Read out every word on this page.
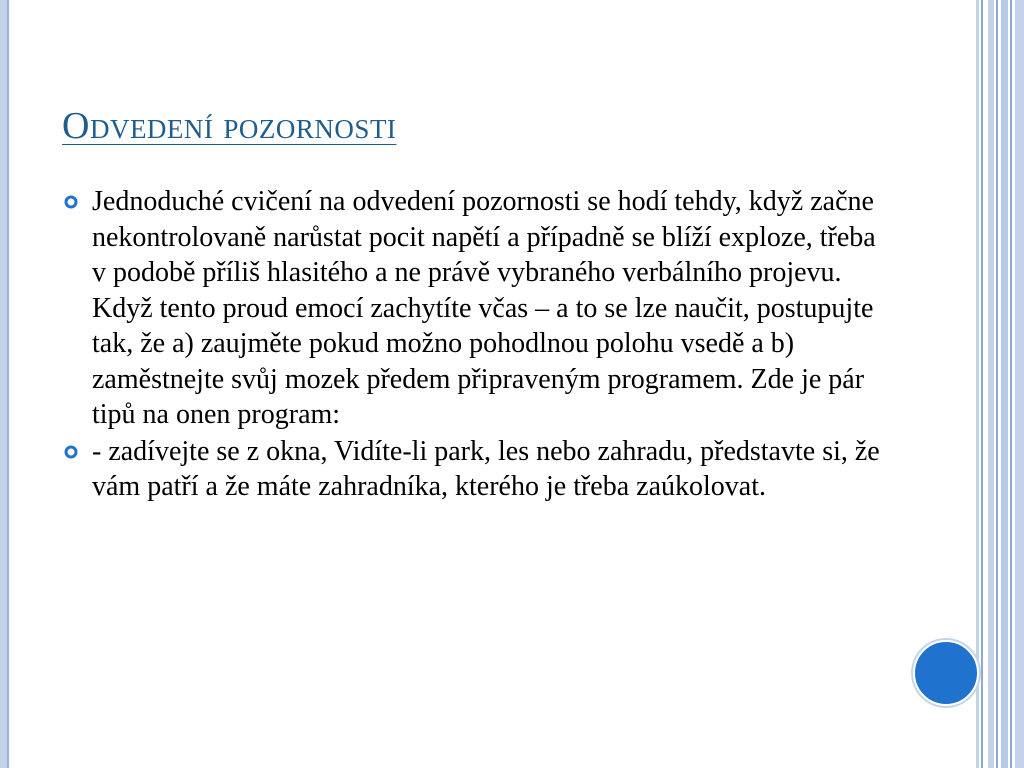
Odvedení pozornosti
Jednoduché cvičení na odvedení pozornosti se hodí tehdy, když začne nekontrolovaně narůstat pocit napětí a případně se blíží exploze, třeba v podobě příliš hlasitého a ne právě vybraného verbálního projevu. Když tento proud emocí zachytíte včas – a to se lze naučit, postupujte tak, že a) zaujměte pokud možno pohodlnou polohu vsedě a b) zaměstnejte svůj mozek předem připraveným programem. Zde je pár tipů na onen program:
- zadívejte se z okna, Vidíte-li park, les nebo zahradu, představte si, že vám patří a že máte zahradníka, kterého je třeba zaúkolovat.
